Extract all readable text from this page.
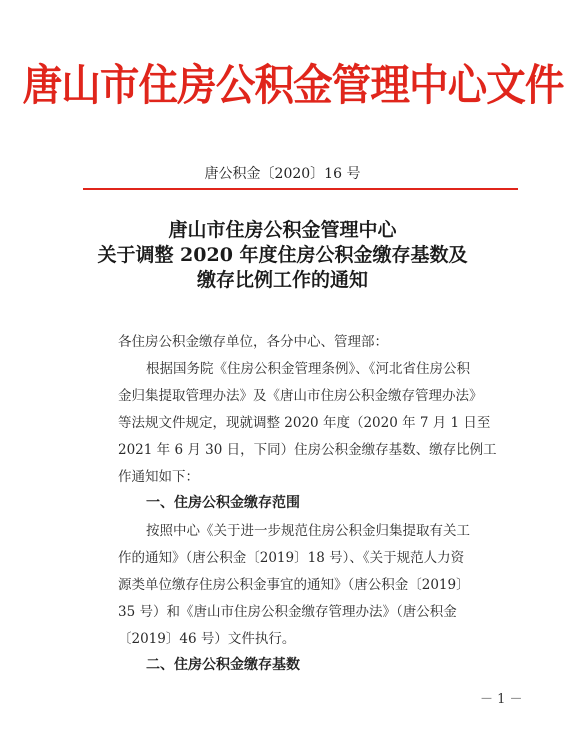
唐山市住房公积金管理中心文件
唐公积金〔2020〕16 号
唐山市住房公积金管理中心
关于调整 2020 年度住房公积金缴存基数及
缴存比例工作的通知
各住房公积金缴存单位，各分中心、管理部：
根据国务院《住房公积金管理条例》、《河北省住房公积
金归集提取管理办法》及《唐山市住房公积金缴存管理办法》
等法规文件规定，现就调整 2020 年度（2020 年 7 月 1 日至
2021 年 6 月 30 日，下同）住房公积金缴存基数、缴存比例工
作通知如下：
一、住房公积金缴存范围
按照中心《关于进一步规范住房公积金归集提取有关工
作的通知》（唐公积金〔2019〕18 号）、《关于规范人力资
源类单位缴存住房公积金事宜的通知》（唐公积金〔2019〕
35 号）和《唐山市住房公积金缴存管理办法》（唐公积金
〔2019〕46 号）文件执行。
二、住房公积金缴存基数
－ 1 －
